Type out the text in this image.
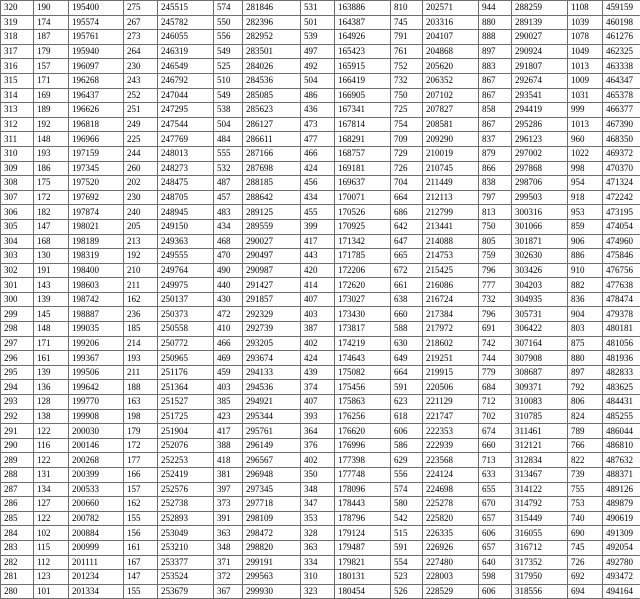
320	190	195400	275	245515	574	281846	531	163886	810	202571	944	288259	1108	459159
319	174	195574	267	245782	550	282396	501	164387	745	203316	880	289139	1039	460198
318	187	195761	273	246055	556	282952	539	164926	791	204107	888	290027	1078	461276
317	179	195940	264	246319	549	283501	497	165423	761	204868	897	290924	1049	462325
316	157	196097	230	246549	525	284026	492	165915	752	205620	883	291807	1013	463338
315	171	196268	243	246792	510	284536	504	166419	732	206352	867	292674	1009	464347
314	169	196437	252	247044	549	285085	486	166905	750	207102	867	293541	1031	465378
313	189	196626	251	247295	538	285623	436	167341	725	207827	858	294419	999	466377
312	192	196818	249	247544	504	286127	473	167814	754	208581	867	295286	1013	467390
311	148	196966	225	247769	484	286611	477	168291	709	209290	837	296123	960	468350
310	193	197159	244	248013	555	287166	466	168757	729	210019	879	297002	1022	469372
309	186	197345	260	248273	532	287698	424	169181	726	210745	866	297868	998	470370
308	175	197520	202	248475	487	288185	456	169637	704	211449	838	298706	954	471324
307	172	197692	230	248705	457	288642	434	170071	664	212113	797	299503	918	472242
306	182	197874	240	248945	483	289125	455	170526	686	212799	813	300316	953	473195
305	147	198021	205	249150	434	289559	399	170925	642	213441	750	301066	859	474054
304	168	198189	213	249363	468	290027	417	171342	647	214088	805	301871	906	474960
303	130	198319	192	249555	470	290497	443	171785	665	214753	759	302630	886	475846
302	191	198400	210	249764	490	290987	420	172206	672	215425	796	303426	910	476756
301	143	198603	211	249975	440	291427	414	172620	661	216086	777	304203	882	477638
300	139	198742	162	250137	430	291857	407	173027	638	216724	732	304935	836	478474
299	145	198887	236	250373	472	292329	403	173430	660	217384	796	305731	904	479378
298	148	199035	185	250558	410	292739	387	173817	588	217972	691	306422	803	480181
297	171	199206	214	250772	466	293205	402	174219	630	218602	742	307164	875	481056
296	161	199367	193	250965	469	293674	424	174643	649	219251	744	307908	880	481936
295	139	199506	211	251176	459	294133	439	175082	664	219915	779	308687	897	482833
294	136	199642	188	251364	403	294536	374	175456	591	220506	684	309371	792	483625
293	128	199770	163	251527	385	294921	407	175863	623	221129	712	310083	806	484431
292	138	199908	198	251725	423	295344	393	176256	618	221747	702	310785	824	485255
291	122	200030	179	251904	417	295761	364	176620	606	222353	674	311461	789	486044
290	116	200146	172	252076	388	296149	376	176996	586	222939	660	312121	766	486810
289	122	200268	177	252253	418	296567	402	177398	629	223568	713	312834	822	487632
288	131	200399	166	252419	381	296948	350	177748	556	224124	633	313467	739	488371
287	134	200533	157	252576	397	297345	348	178096	574	224698	655	314122	755	489126
286	127	200660	162	252738	373	297718	347	178443	580	225278	670	314792	753	489879
285	122	200782	155	252893	391	298109	353	178796	542	225820	657	315449	740	490619
284	102	200884	156	253049	363	298472	328	179124	515	226335	606	316055	690	491309
283	115	200999	161	253210	348	298820	363	179487	591	226926	657	316712	745	492054
282	112	201111	167	253377	371	299191	334	179821	554	227480	640	317352	726	492780
281	123	201234	147	253524	372	299563	310	180131	523	228003	598	317950	692	493472
280	101	201334	155	253679	367	299930	323	180454	526	228529	606	318556	694	494164
